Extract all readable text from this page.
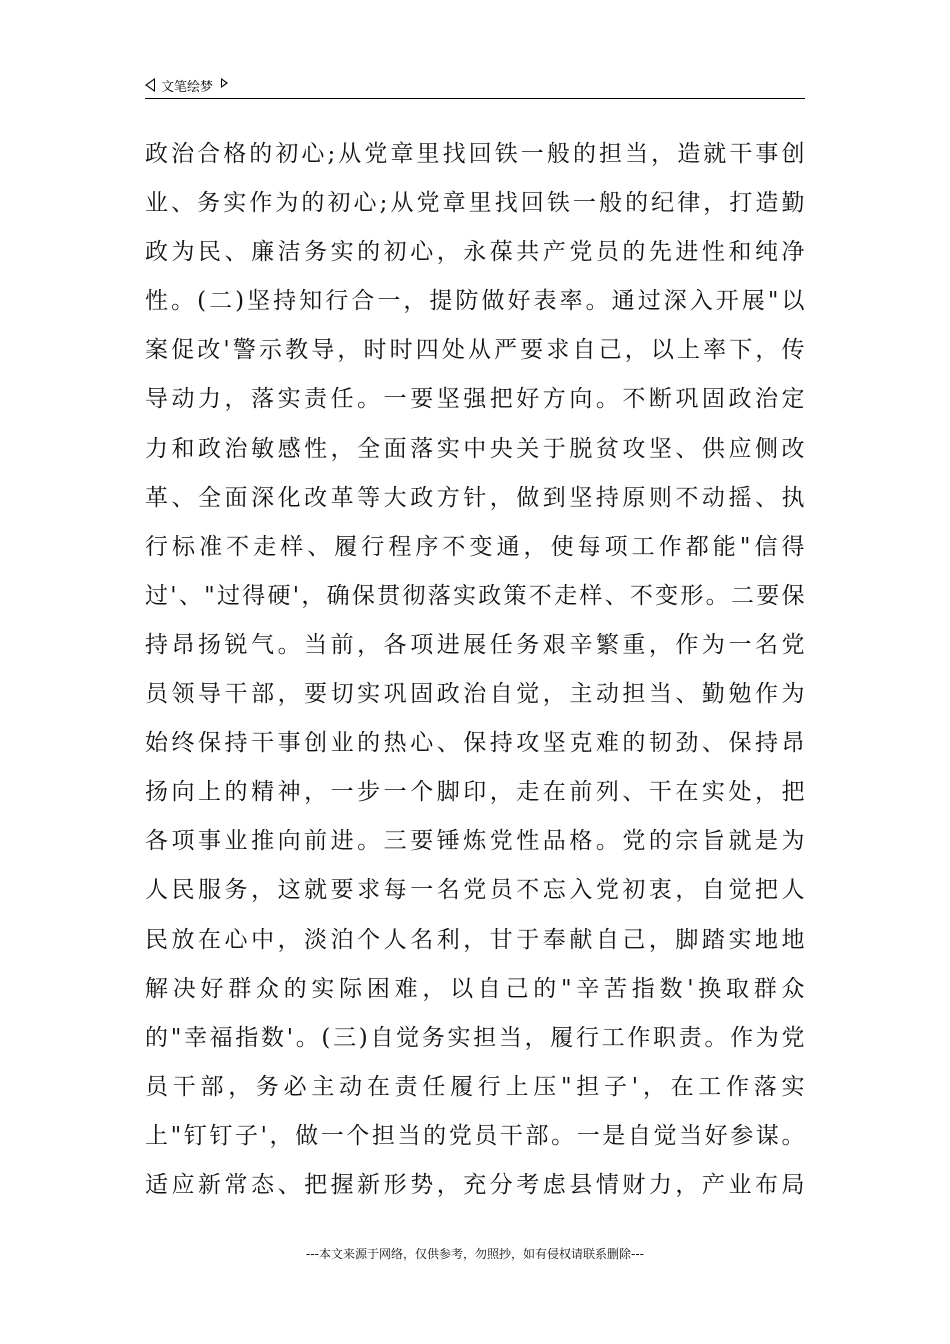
文笔绘梦
政治合格的初心;从党章里找回铁一般的担当，造就干事创
业、务实作为的初心;从党章里找回铁一般的纪律，打造勤
政为民、廉洁务实的初心，永葆共产党员的先进性和纯净
性。(二)坚持知行合一，提防做好表率。通过深入开展"以
案促改'警示教导，时时四处从严要求自己，以上率下，传
导动力，落实责任。一要坚强把好方向。不断巩固政治定
力和政治敏感性，全面落实中央关于脱贫攻坚、供应侧改
革、全面深化改革等大政方针，做到坚持原则不动摇、执
行标准不走样、履行程序不变通，使每项工作都能"信得
过'、"过得硬'，确保贯彻落实政策不走样、不变形。二要保
持昂扬锐气。当前，各项进展任务艰辛繁重，作为一名党
员领导干部，要切实巩固政治自觉，主动担当、勤勉作为
始终保持干事创业的热心、保持攻坚克难的韧劲、保持昂
扬向上的精神，一步一个脚印，走在前列、干在实处，把
各项事业推向前进。三要锤炼党性品格。党的宗旨就是为
人民服务，这就要求每一名党员不忘入党初衷，自觉把人
民放在心中，淡泊个人名利，甘于奉献自己，脚踏实地地
解决好群众的实际困难，以自己的"辛苦指数'换取群众
的"幸福指数'。(三)自觉务实担当，履行工作职责。作为党
员干部，务必主动在责任履行上压"担子'，在工作落实
上"钉钉子'，做一个担当的党员干部。一是自觉当好参谋。
适应新常态、把握新形势，充分考虑县情财力，产业布局
---本文来源于网络，仅供参考，勿照抄，如有侵权请联系删除---
